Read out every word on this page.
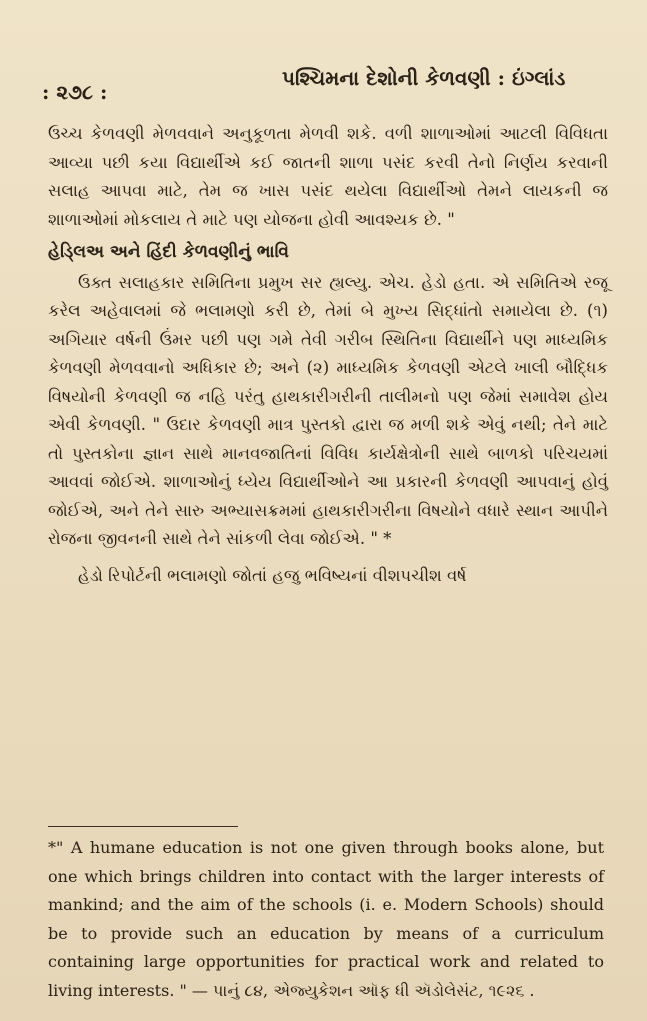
: ૨૭૮ :
પશ્ચિમના દેશોની કેળવણી : ઇંગ્લાંડ

ઉચ્ચ કેળવણી મેળવવાને અનુકૂળતા મેળવી શકે. વળી શાળાઓમાં આટલી વિવિધતા આવ્યા પછી કયા વિદ્યાર્થીએ કઈ જાતની શાળા પસંદ કરવી તેનો નિર્ણય કરવાની સલાહ આપવા માટે, તેમ જ ખાસ પસંદ થયેલા વિદ્યાર્થીઓ તેમને લાયકની જ શાળાઓમાં મોકલાય તે માટે પણ યોજના હોવી આવશ્યક છે. "

હેડ્લિઅ અને હિંદી કેળવણીનું ભાવિ

ઉક્ત સલાહકાર સમિતિના પ્રમુખ સર હ્યલ્યુ. એચ. હેડો હતા. એ સમિતિએ રજૂ કરેલ અહેવાલમાં જે ભલામણો કરી છે, તેમાં બે મુખ્ય સિદ્ધાંતો સમાયેલા છે. (૧) અગિયાર વર્ષની ઉંમર પછી પણ ગમે તેવી ગરીબ સ્થિતિના વિદ્યાર્થીને પણ માધ્યમિક કેળવણી મેળવવાનો અધિકાર છે; અને (૨) માધ્યમિક કેળવણી એટલે ખાલી બૌદ્ધિક વિષયોની કેળવણી જ નહિ પરંતુ હાથકારીગરીની તાલીમનો પણ જેમાં સમાવેશ હોય એવી કેળવણી. " ઉદાર કેળવણી માત્ર પુસ્તકો દ્વારા જ મળી શકે એવું નથી; તેને માટે તો પુસ્તકોના જ્ઞાન સાથે માનવજાતિનાં વિવિધ કાર્યક્ષેત્રોની સાથે બાળકો પરિચયમાં આવવાં જોઈએ. શાળાઓનું ધ્યેય વિદ્યાર્થીઓને આ પ્રકારની કેળવણી આપવાનું હોવું જોઈએ, અને તેને સારુ અભ્યાસક્રમમાં હાથકારીગરીના વિષયોને વધારે સ્થાન આપીને રોજના જીવનની સાથે તેને સાંકળી લેવા જોઈએ. " *

હેડો રિપોર્ટની ભલામણો જોતાં હજુ ભવિષ્યનાં વીશપચીશ વર્ષ

*" A humane education is not one given through books alone, but one which brings children into contact with the larger interests of mankind; and the aim of the schools (i. e. Modern Schools) should be to provide such an education by means of a curriculum containing large opportunities for practical work and related to living interests. " — પાનું ૮૪, એજ્યુકેશન ઑફ ધી ઍડોલેસંટ, ૧૯૨૬ .
